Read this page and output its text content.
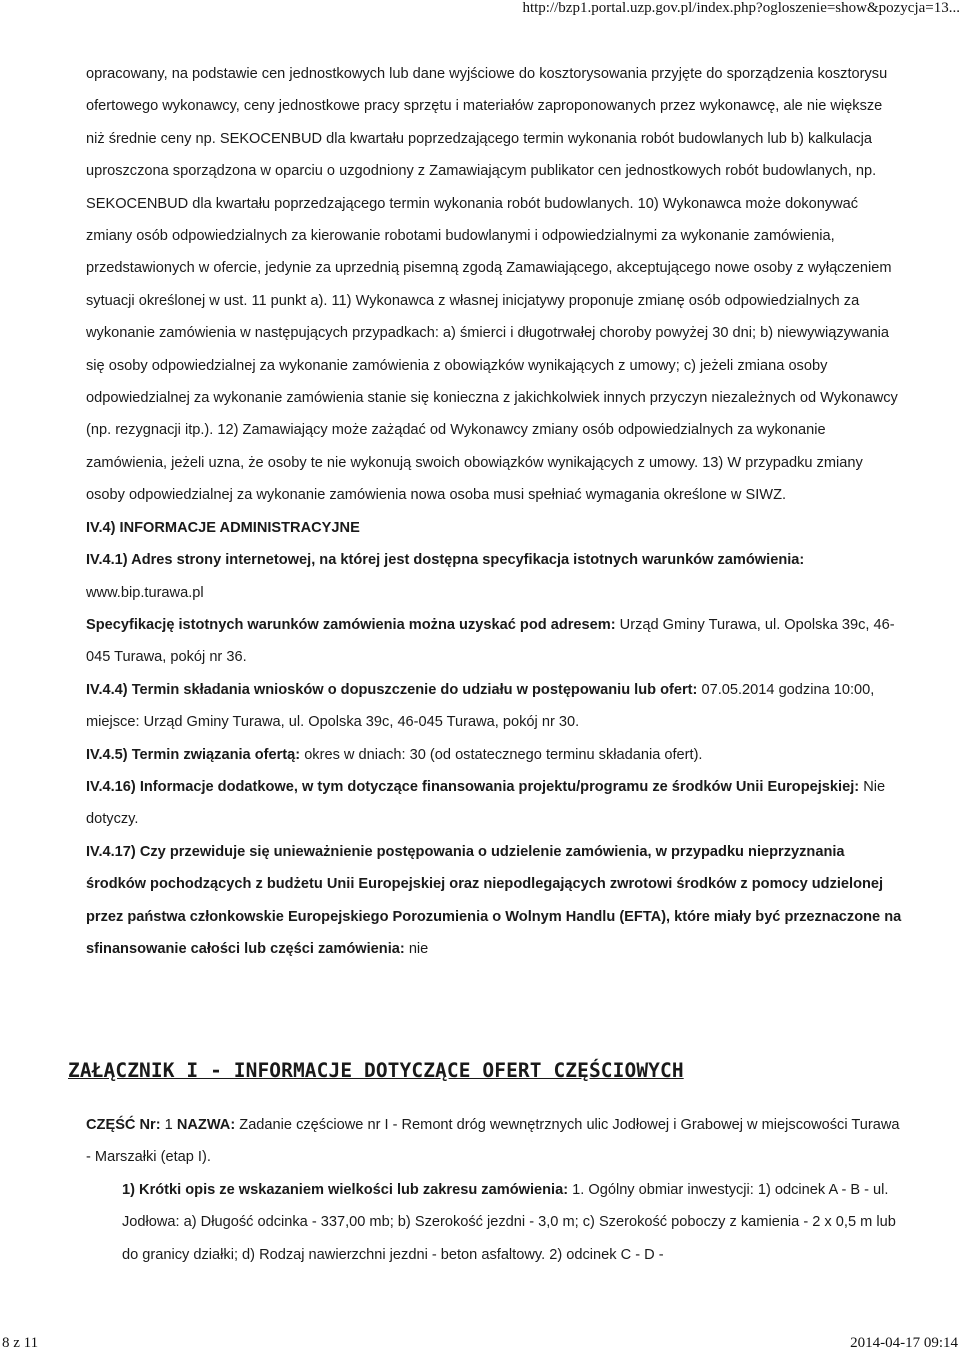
http://bzp1.portal.uzp.gov.pl/index.php?ogloszenie=show&pozycja=13...

opracowany, na podstawie cen jednostkowych lub dane wyjściowe do kosztorysowania przyjęte do sporządzenia kosztorysu ofertowego wykonawcy, ceny jednostkowe pracy sprzętu i materiałów zaproponowanych przez wykonawcę, ale nie większe niż średnie ceny np. SEKOCENBUD dla kwartału poprzedzającego termin wykonania robót budowlanych lub b) kalkulacja uproszczona sporządzona w oparciu o uzgodniony z Zamawiającym publikator cen jednostkowych robót budowlanych, np. SEKOCENBUD dla kwartału poprzedzającego termin wykonania robót budowlanych. 10) Wykonawca może dokonywać zmiany osób odpowiedzialnych za kierowanie robotami budowlanymi i odpowiedzialnymi za wykonanie zamówienia, przedstawionych w ofercie, jedynie za uprzednią pisemną zgodą Zamawiającego, akceptującego nowe osoby z wyłączeniem sytuacji określonej w ust. 11 punkt a). 11) Wykonawca z własnej inicjatywy proponuje zmianę osób odpowiedzialnych za wykonanie zamówienia w następujących przypadkach: a) śmierci i długotrwałej choroby powyżej 30 dni; b) niewywiązywania się osoby odpowiedzialnej za wykonanie zamówienia z obowiązków wynikających z umowy; c) jeżeli zmiana osoby odpowiedzialnej za wykonanie zamówienia stanie się konieczna z jakichkolwiek innych przyczyn niezależnych od Wykonawcy (np. rezygnacji itp.). 12) Zamawiający może zażądać od Wykonawcy zmiany osób odpowiedzialnych za wykonanie zamówienia, jeżeli uzna, że osoby te nie wykonują swoich obowiązków wynikających z umowy. 13) W przypadku zmiany osoby odpowiedzialnej za wykonanie zamówienia nowa osoba musi spełniać wymagania określone w SIWZ.

IV.4) INFORMACJE ADMINISTRACYJNE

IV.4.1) Adres strony internetowej, na której jest dostępna specyfikacja istotnych warunków zamówienia:
www.bip.turawa.pl

Specyfikację istotnych warunków zamówienia można uzyskać pod adresem: Urząd Gminy Turawa, ul. Opolska 39c, 46-045 Turawa, pokój nr 36.

IV.4.4) Termin składania wniosków o dopuszczenie do udziału w postępowaniu lub ofert: 07.05.2014 godzina 10:00, miejsce: Urząd Gminy Turawa, ul. Opolska 39c, 46-045 Turawa, pokój nr 30.

IV.4.5) Termin związania ofertą: okres w dniach: 30 (od ostatecznego terminu składania ofert).

IV.4.16) Informacje dodatkowe, w tym dotyczące finansowania projektu/programu ze środków Unii Europejskiej: Nie dotyczy.

IV.4.17) Czy przewiduje się unieważnienie postępowania o udzielenie zamówienia, w przypadku nieprzyznania środków pochodzących z budżetu Unii Europejskiej oraz niepodlegających zwrotowi środków z pomocy udzielonej przez państwa członkowskie Europejskiego Porozumienia o Wolnym Handlu (EFTA), które miały być przeznaczone na sfinansowanie całości lub części zamówienia: nie

ZAŁĄCZNIK I - INFORMACJE DOTYCZĄCE OFERT CZĘŚCIOWYCH

CZĘŚĆ Nr: 1 NAZWA: Zadanie częściowe nr I - Remont dróg wewnętrznych ulic Jodłowej i Grabowej w miejscowości Turawa - Marszałki (etap I).

1) Krótki opis ze wskazaniem wielkości lub zakresu zamówienia: 1. Ogólny obmiar inwestycji: 1) odcinek A - B - ul. Jodłowa: a) Długość odcinka - 337,00 mb; b) Szerokość jezdni - 3,0 m; c) Szerokość poboczy z kamienia - 2 x 0,5 m lub do granicy działki; d) Rodzaj nawierzchni jezdni - beton asfaltowy. 2) odcinek C - D -

8 z 11	2014-04-17 09:14
